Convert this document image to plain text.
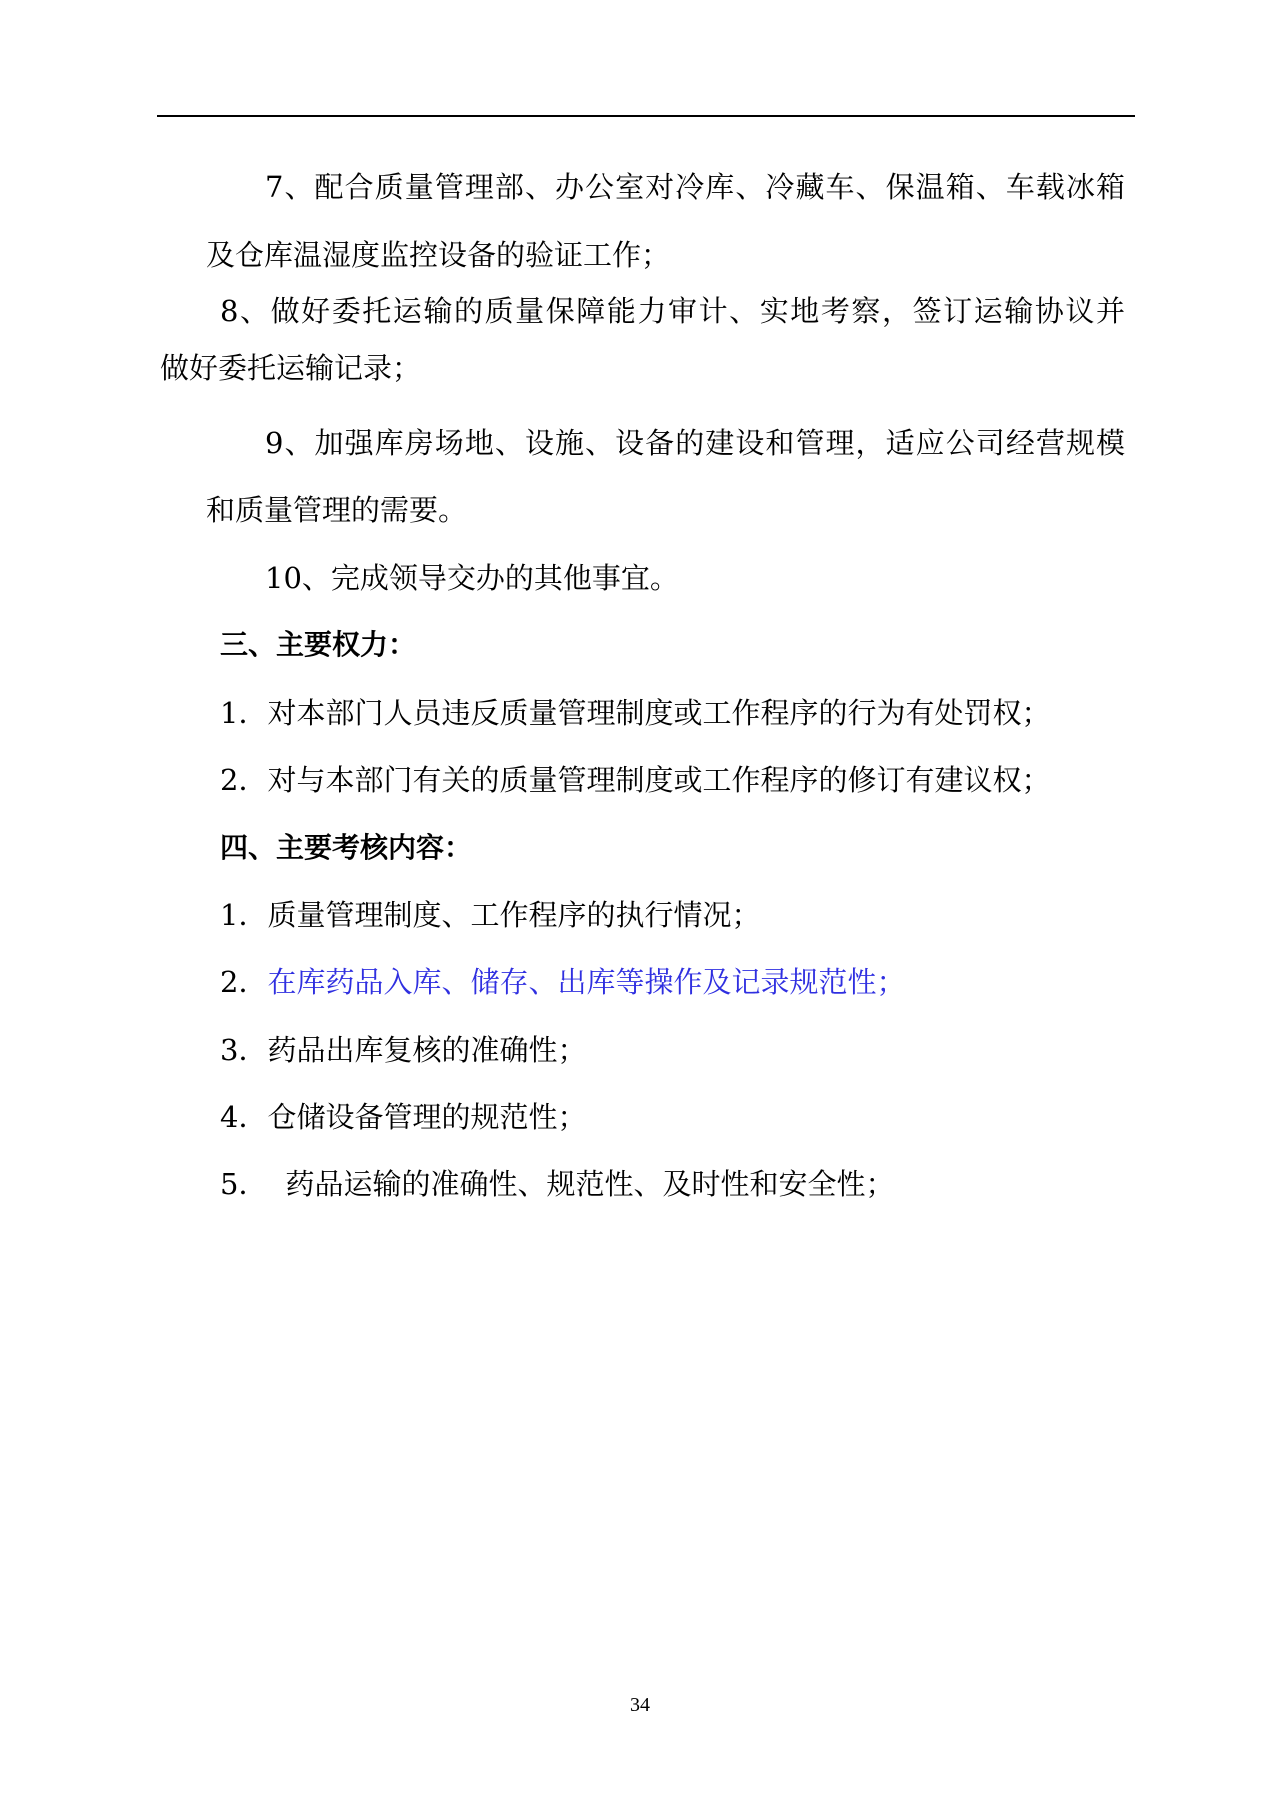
7、配合质量管理部、办公室对冷库、冷藏车、保温箱、车载冰箱
及仓库温湿度监控设备的验证工作；
8、做好委托运输的质量保障能力审计、实地考察，签订运输协议并
做好委托运输记录；
9、加强库房场地、设施、设备的建设和管理，适应公司经营规模
和质量管理的需要。
10、完成领导交办的其他事宜。
三、主要权力：
1．对本部门人员违反质量管理制度或工作程序的行为有处罚权；
2．对与本部门有关的质量管理制度或工作程序的修订有建议权；
四、主要考核内容：
1．质量管理制度、工作程序的执行情况；
2．在库药品入库、储存、出库等操作及记录规范性；
3．药品出库复核的准确性；
4．仓储设备管理的规范性；
5． 药品运输的准确性、规范性、及时性和安全性；
34
